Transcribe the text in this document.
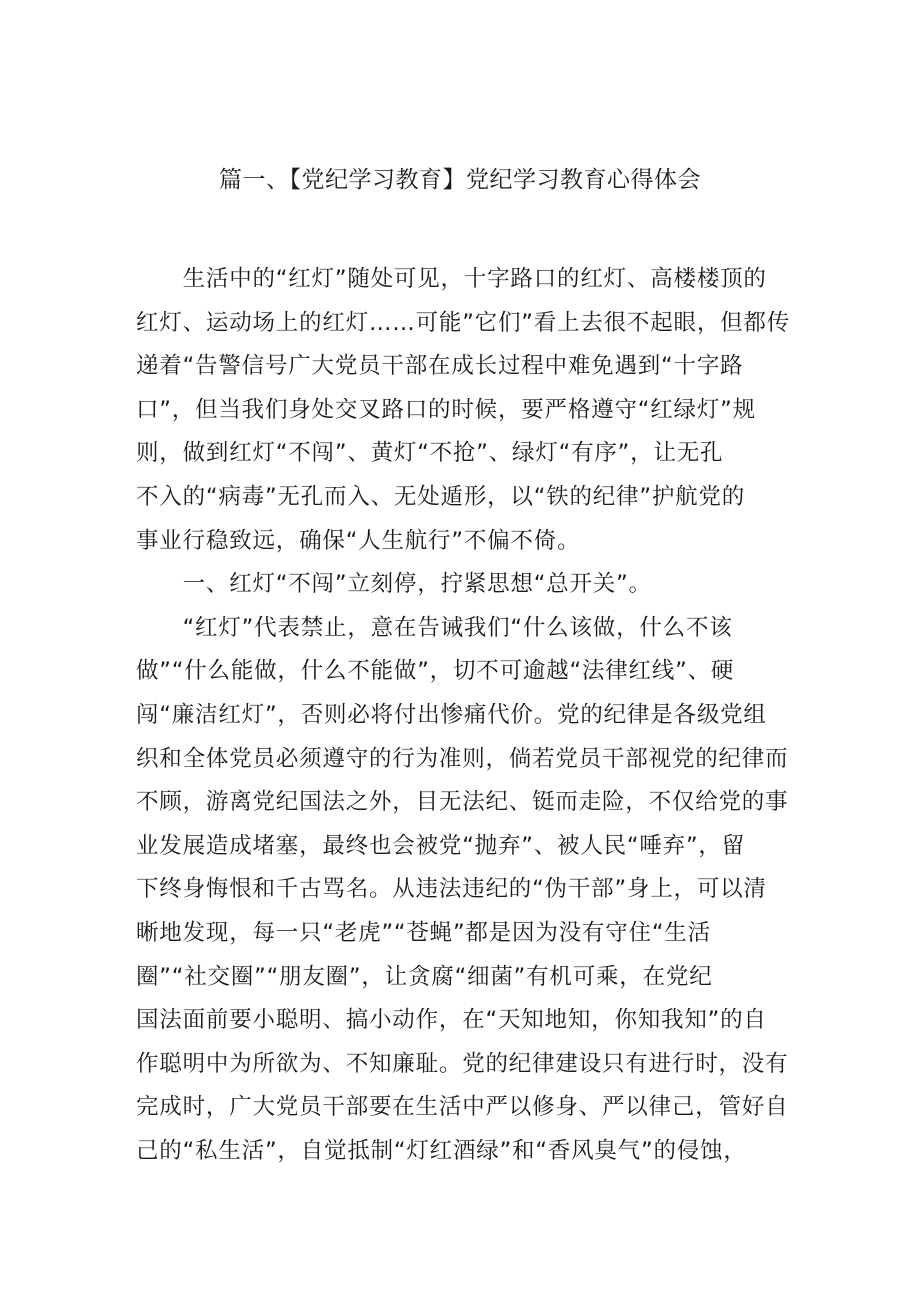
篇一、【党纪学习教育】党纪学习教育心得体会
　　生活中的“红灯”随处可见，十字路口的红灯、高楼楼顶的
红灯、运动场上的红灯……可能”它们”看上去很不起眼，但都传
递着“告警信号广大党员干部在成长过程中难免遇到“十字路
口”，但当我们身处交叉路口的时候，要严格遵守“红绿灯”规
则，做到红灯“不闯”、黄灯“不抢”、绿灯“有序”，让无孔
不入的“病毒”无孔而入、无处遁形，以“铁的纪律”护航党的
事业行稳致远，确保“人生航行”不偏不倚。
　　一、红灯“不闯”立刻停，拧紧思想“总开关”。
　　“红灯”代表禁止，意在告诫我们“什么该做，什么不该
做”“什么能做，什么不能做”，切不可逾越“法律红线”、硬
闯“廉洁红灯”，否则必将付出惨痛代价。党的纪律是各级党组
织和全体党员必须遵守的行为准则，倘若党员干部视党的纪律而
不顾，游离党纪国法之外，目无法纪、铤而走险，不仅给党的事
业发展造成堵塞，最终也会被党“抛弃”、被人民“唾弃”，留
下终身悔恨和千古骂名。从违法违纪的“伪干部”身上，可以清
晰地发现，每一只“老虎”“苍蝇”都是因为没有守住“生活
圈”“社交圈”“朋友圈”，让贪腐“细菌”有机可乘，在党纪
国法面前要小聪明、搞小动作，在“天知地知，你知我知”的自
作聪明中为所欲为、不知廉耻。党的纪律建设只有进行时，没有
完成时，广大党员干部要在生活中严以修身、严以律己，管好自
己的“私生活”，自觉抵制“灯红酒绿”和“香风臭气”的侵蚀，
